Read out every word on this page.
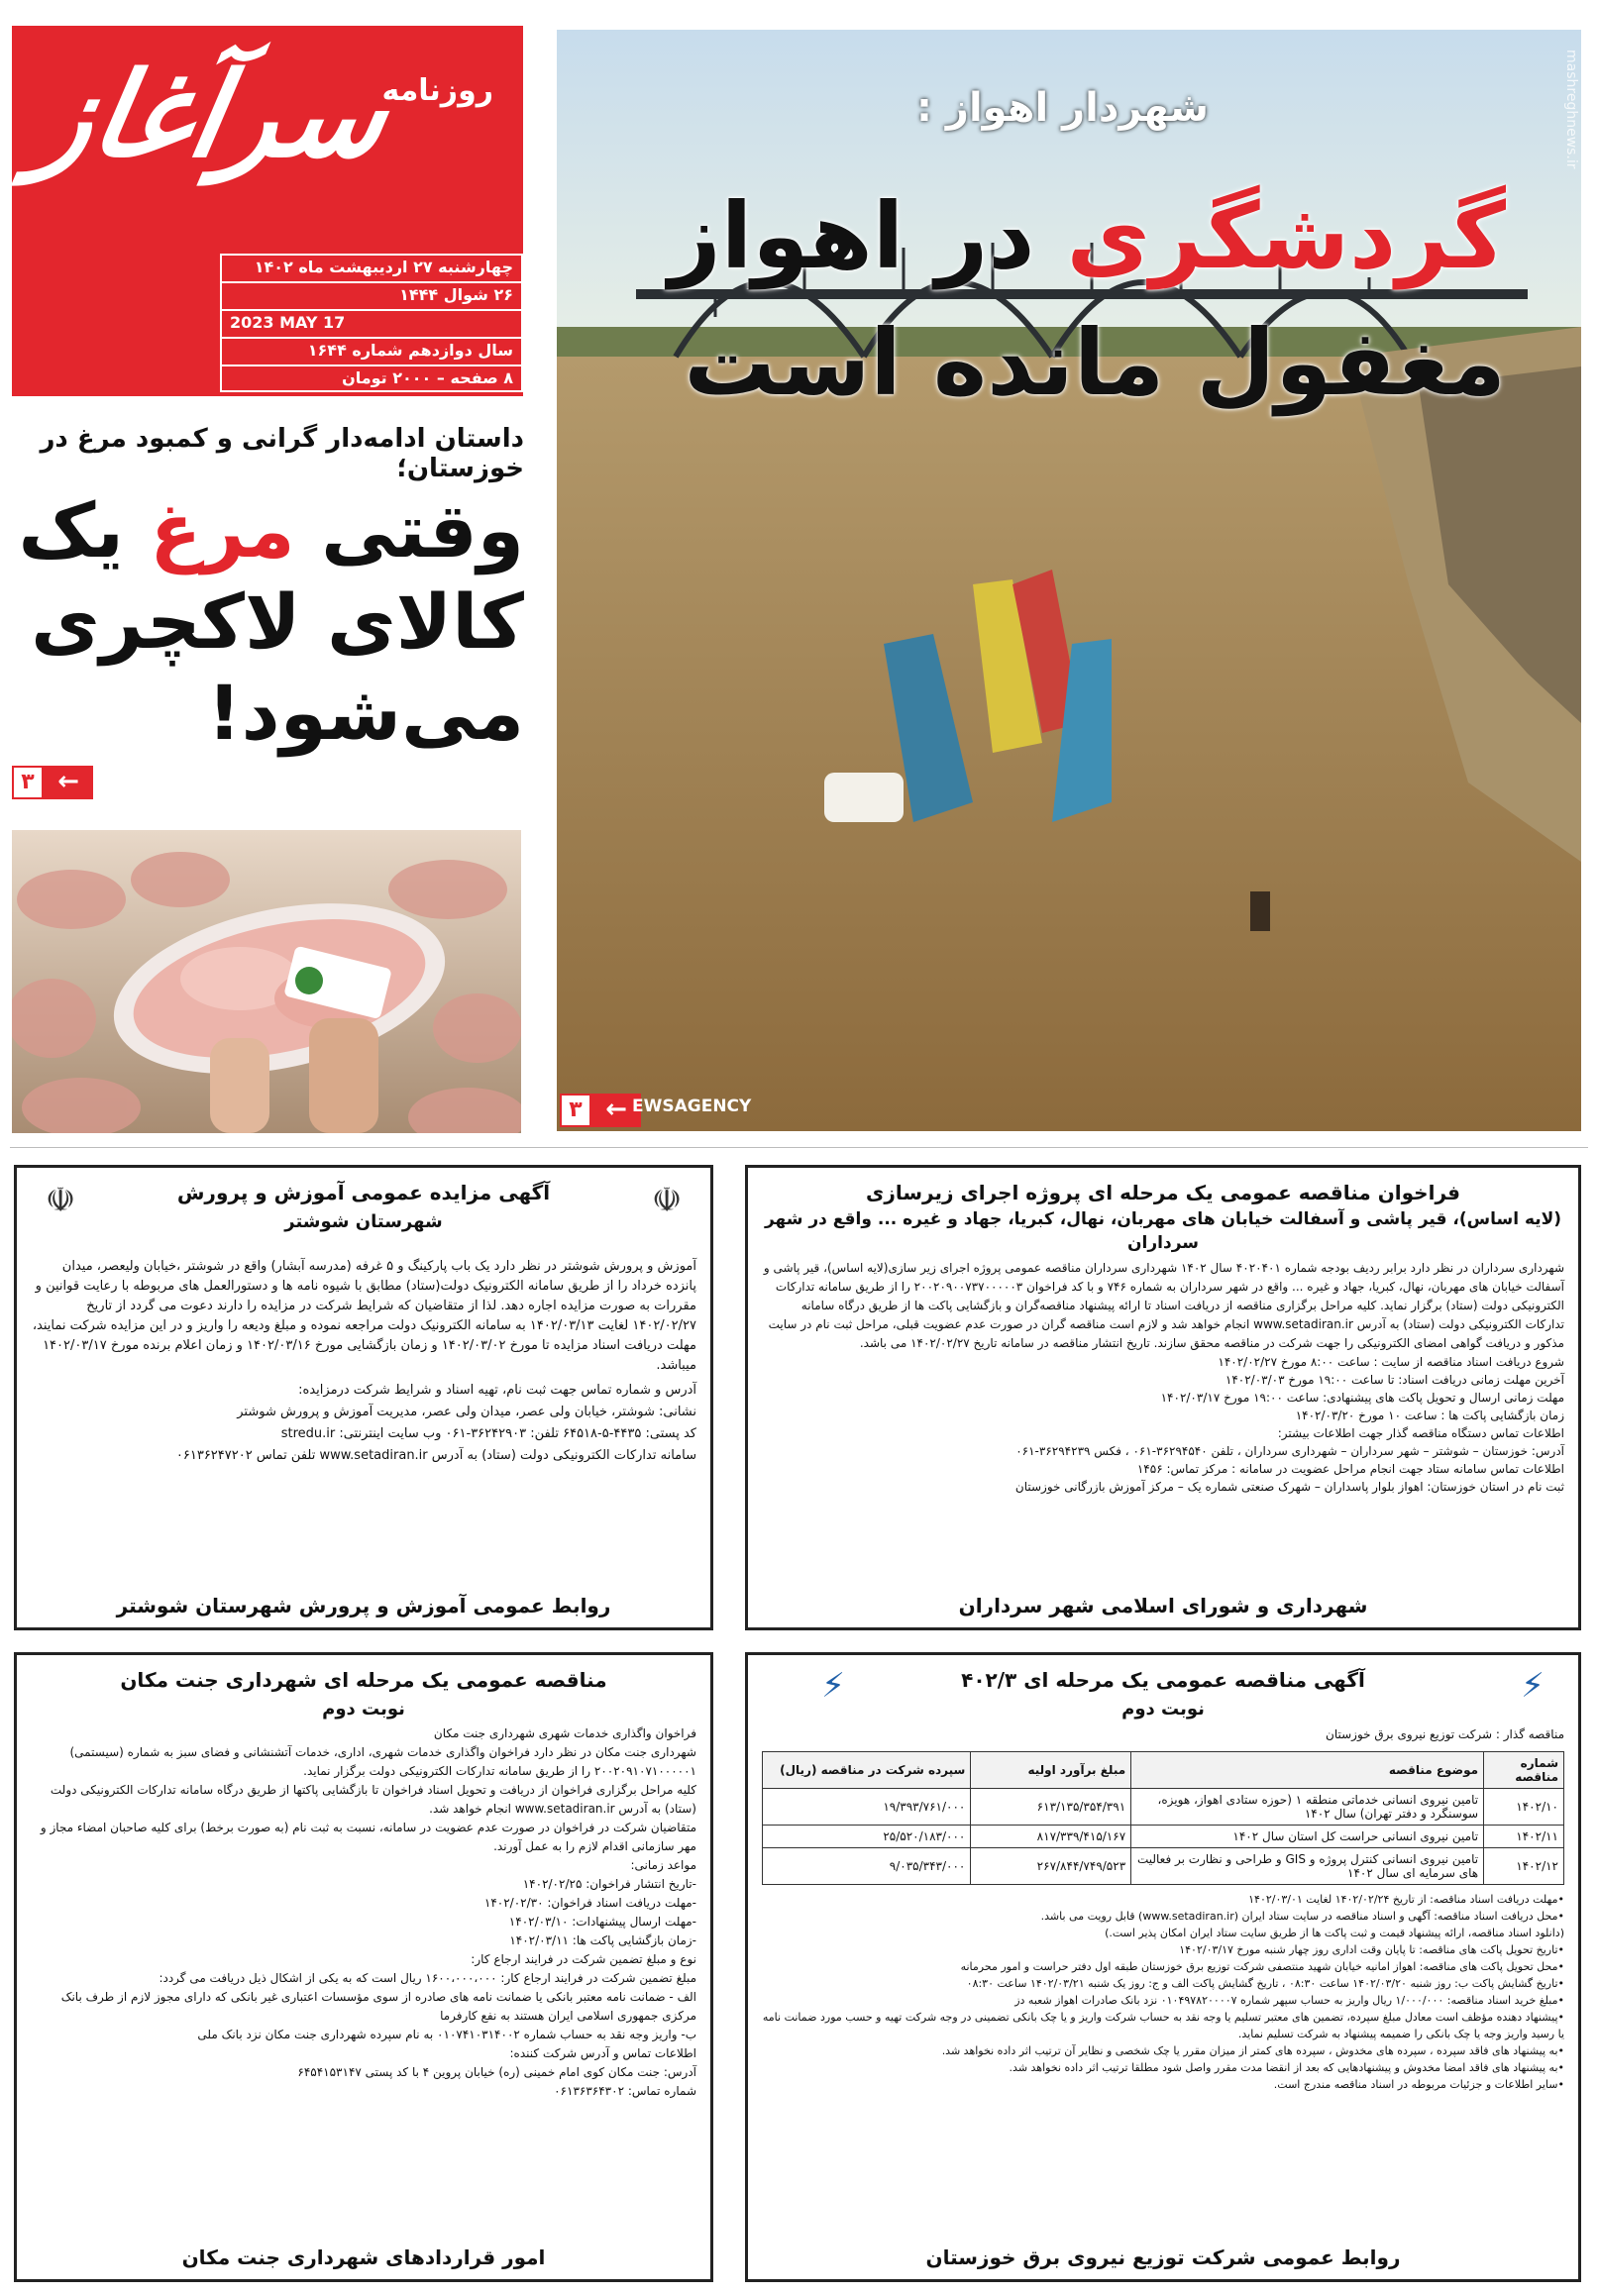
سرآغاز
روزنامه
چهارشنبه ۲۷ اردیبهشت ماه ۱۴۰۲
۲۶ شوال ۱۴۴۴
2023 MAY 17
سال دوازدهم شماره ۱۶۴۴
۸ صفحه – ۲۰۰۰ تومان
داستان ادامه‌دار گرانی و کمبود مرغ در خوزستان؛
وقتی مرغ یک
کالای لاکچری
می‌شود!
۳ ←
mashreghnews.ir
شهردار اهواز :
گردشگری در اهواز
مغفول مانده است
۳ ← EWSAGENCY
فراخوان مناقصه عمومی یک مرحله ای پروژه اجرای زیرسازی
(لایه اساس)، قیر پاشی و آسفالت خیابان های مهربان، نهال، کبریا، جهاد و غیره ... واقع در شهر سرداران

شهرداری سرداران در نظر دارد برابر ردیف بودجه شماره ۴۰۲۰۴۰۱ سال ۱۴۰۲ شهرداری سرداران مناقصه عمومی پروژه اجرای زیر سازی(لایه اساس)، قیر پاشی و آسفالت خیابان های مهربان، نهال، کبریا، جهاد و غیره ... واقع در شهر سرداران به شماره ۷۴۶ و با کد فراخوان ۲۰۰۲۰۹۰۰۷۳۷۰۰۰۰۰۳ را از طریق سامانه تدارکات الکترونیکی دولت (ستاد) برگزار نماید. کلیه مراحل برگزاری مناقصه از دریافت اسناد تا ارائه پیشنهاد مناقصه‌گران و بازگشایی پاکت ها از طریق درگاه سامانه تدارکات الکترونیکی دولت (ستاد) به آدرس www.setadiran.ir انجام خواهد شد و لازم است مناقصه گران در صورت عدم عضویت قبلی، مراحل ثبت نام در سایت مذکور و دریافت گواهی امضای الکترونیکی را جهت شرکت در مناقصه محقق سازند. تاریخ انتشار مناقصه در سامانه تاریخ ۱۴۰۲/۰۲/۲۷ می باشد.

شروع دریافت اسناد مناقصه از سایت : ساعت ۸:۰۰ مورخ ۱۴۰۲/۰۲/۲۷

آخرین مهلت زمانی دریافت اسناد: تا ساعت ۱۹:۰۰ مورخ ۱۴۰۲/۰۳/۰۳

مهلت زمانی ارسال و تحویل پاکت های پیشنهادی: ساعت ۱۹:۰۰ مورخ ۱۴۰۲/۰۳/۱۷

زمان بازگشایی پاکت ها : ساعت ۱۰ مورخ ۱۴۰۲/۰۳/۲۰

اطلاعات تماس دستگاه مناقصه گذار جهت اطلاعات بیشتر:

آدرس: خوزستان – شوشتر – شهر سرداران – شهرداری سرداران ، تلفن ۳۶۲۹۴۵۴۰-۰۶۱ ، فکس ۳۶۲۹۴۲۳۹-۰۶۱

اطلاعات تماس سامانه ستاد جهت انجام مراحل عضویت در سامانه : مرکز تماس: ۱۴۵۶

ثبت نام در استان خوزستان: اهواز بلوار پاسداران – شهرک صنعتی شماره یک – مرکز آموزش بازرگانی خوزستان

شهرداری و شورای اسلامی شهر سرداران
☫
☫	آگهی مزایده عمومی آموزش و پرورش
شهرستان شوشتر

آموزش و پرورش شوشتر در نظر دارد یک باب پارکینگ و ۵ غرفه (مدرسه آبشار) واقع در شوشتر ،خیابان ولیعصر، میدان پانزده خرداد را از طریق سامانه الکترونیک دولت(ستاد) مطابق با شیوه نامه ها و دستورالعمل های مربوطه با رعایت قوانین و مقررات به صورت مزایده اجاره دهد. لذا از متقاضیان که شرایط شرکت در مزایده را دارند دعوت می گردد از تاریخ ۱۴۰۲/۰۲/۲۷ لغایت ۱۴۰۲/۰۳/۱۳ به سامانه الکترونیک دولت مراجعه نموده و مبلغ ودیعه را واریز و در این مزایده شرکت نمایند، مهلت دریافت اسناد مزایده تا مورخ ۱۴۰۲/۰۳/۰۲ و زمان بازگشایی مورخ ۱۴۰۲/۰۳/۱۶ و زمان اعلام برنده مورخ ۱۴۰۲/۰۳/۱۷ میباشد.

آدرس و شماره تماس جهت ثبت نام، تهیه اسناد و شرایط شرکت درمزایده:

نشانی: شوشتر، خیابان ولی عصر، میدان ولی عصر، مدیریت آموزش و پرورش شوشتر

کد پستی: ۴۴۳۵-۵-۶۴۵۱۸ تلفن: ۳۶۲۴۲۹۰۳-۰۶۱ وب سایت اینترنتی: stredu.ir

سامانه تدارکات الکترونیکی دولت (ستاد) به آدرس www.setadiran.ir تلفن تماس ۰۶۱۳۶۲۴۷۲۰۲

روابط عمومی آموزش و پرورش شهرستان شوشتر
⚡
⚡	آگهی مناقصه عمومی یک مرحله ای ۴۰۲/۳
نوبت دوم

مناقصه گذار : شرکت توزیع نیروی برق خوزستان

شماره مناقصه	موضوع مناقصه	مبلغ برآورد اولیه	سپرده شرکت در مناقصه (ریال)
۱۴۰۲/۱۰	تامین نیروی انسانی خدماتی منطقه ۱ (حوزه ستادی اهواز، هویزه، سوسنگرد و دفتر تهران) سال ۱۴۰۲	۶۱۳/۱۳۵/۳۵۴/۳۹۱	۱۹/۳۹۳/۷۶۱/۰۰۰
۱۴۰۲/۱۱	تامین نیروی انسانی حراست کل استان سال ۱۴۰۲	۸۱۷/۳۳۹/۴۱۵/۱۶۷	۲۵/۵۲۰/۱۸۳/۰۰۰
۱۴۰۲/۱۲	تامین نیروی انسانی کنترل پروژه و GIS و طراحی و نظارت بر فعالیت های سرمایه ای سال ۱۴۰۲	۲۶۷/۸۴۴/۷۴۹/۵۲۳	۹/۰۳۵/۳۴۳/۰۰۰

•مهلت دریافت اسناد مناقصه: از تاریخ ۱۴۰۲/۰۲/۲۴ لغایت ۱۴۰۲/۰۳/۰۱

•محل دریافت اسناد مناقصه: آگهی و اسناد مناقصه در سایت ستاد ایران (www.setadiran.ir) قابل رویت می باشد.

(دانلود اسناد مناقصه، ارائه پیشنهاد قیمت و ثبت پاکت ها از طریق سایت ستاد ایران امکان پذیر است.)

•تاریخ تحویل پاکت های مناقصه: تا پایان وقت اداری روز چهار شنبه مورخ ۱۴۰۲/۰۳/۱۷

•محل تحویل پاکت های مناقصه: اهواز امانیه خیابان شهید منتصفی شرکت توزیع برق خوزستان طبقه اول دفتر حراست و امور محرمانه

•تاریخ گشایش پاکت ب: روز شنبه ۱۴۰۲/۰۳/۲۰ ساعت ۰۸:۳۰ ، تاریخ گشایش پاکت الف و ج: روز یک شنبه ۱۴۰۲/۰۳/۲۱ ساعت ۰۸:۳۰

•مبلغ خرید اسناد مناقصه: ۱/۰۰۰/۰۰۰ ریال واریز به حساب سپهر شماره ۰۱۰۴۹۷۸۲۰۰۰۰۷ نزد بانک صادرات اهواز شعبه دز

•پیشنهاد دهنده مؤظف است معادل مبلغ سپرده، تضمین های معتبر تسلیم یا وجه نقد به حساب شرکت واریز و یا چک بانکی تضمینی در وجه شرکت تهیه و حسب مورد ضمانت نامه یا رسید واریز وجه یا چک بانکی را ضمیمه پیشنهاد به شرکت تسلیم نماید.

•به پیشنهاد های فاقد سپرده ، سپرده های مخدوش ، سپرده های کمتر از میزان مقرر یا چک شخصی و نظایر آن ترتیب اثر داده نخواهد شد.

•به پیشنهاد های فاقد امضا مخدوش و پیشنهادهایی که بعد از انقضا مدت مقرر واصل شود مطلقا ترتیب اثر داده نخواهد شد.

•سایر اطلاعات و جزئیات مربوطه در اسناد مناقصه مندرج است.

روابط عمومی شرکت توزیع نیروی برق خوزستان
مناقصه عمومی یک مرحله ای شهرداری جنت مکان
نوبت دوم

فراخوان واگذاری خدمات شهری شهرداری جنت مکان

شهرداری جنت مکان در نظر دارد فراخوان واگذاری خدمات شهری، اداری، خدمات آتشنشانی و فضای سبز به شماره (سیستمی) ۲۰۰۲۰۹۱۰۷۱۰۰۰۰۰۱ را از طریق سامانه تدارکات الکترونیکی دولت برگزار نماید.

کلیه مراحل برگزاری فراخوان از دریافت و تحویل اسناد فراخوان تا بازگشایی پاکتها از طریق درگاه سامانه تدارکات الکترونیکی دولت (ستاد) به آدرس www.setadiran.ir انجام خواهد شد.

متقاضیان شرکت در فراخوان در صورت عدم عضویت در سامانه، نسبت به ثبت نام (به صورت برخط) برای کلیه صاحبان امضاء مجاز و مهر سازمانی اقدام لازم را به عمل آورند.

مواعد زمانی:

-تاریخ انتشار فراخوان: ۱۴۰۲/۰۲/۲۵

-مهلت دریافت اسناد فراخوان: ۱۴۰۲/۰۲/۳۰

-مهلت ارسال پیشنهادات: ۱۴۰۲/۰۳/۱۰

-زمان بازگشایی پاکت ها: ۱۴۰۲/۰۳/۱۱

نوع و مبلغ تضمین شرکت در فرایند ارجاع کار:

مبلغ تضمین شرکت در فرایند ارجاع کار: ۱۶۰۰،۰۰۰،۰۰۰ ریال است که به یکی از اشکال ذیل دریافت می گردد:

الف - ضمانت نامه معتبر بانکی یا ضمانت نامه های صادره از سوی مؤسسات اعتباری غیر بانکی که دارای مجوز لازم از طرف بانک مرکزی جمهوری اسلامی ایران هستند به نفع کارفرما

ب- واریز وجه نقد به حساب شماره ۰۱۰۷۴۱۰۳۱۴۰۰۲ به نام سپرده شهرداری جنت مکان نزد بانک ملی

اطلاعات تماس و آدرس شرکت کننده:

آدرس: جنت مکان کوی امام خمینی (ره) خیابان پروین ۴ با کد پستی ۶۴۵۴۱۵۳۱۴۷

شماره تماس: ۰۶۱۳۶۳۶۴۳۰۲

امور قراردادهای شهرداری جنت مکان
